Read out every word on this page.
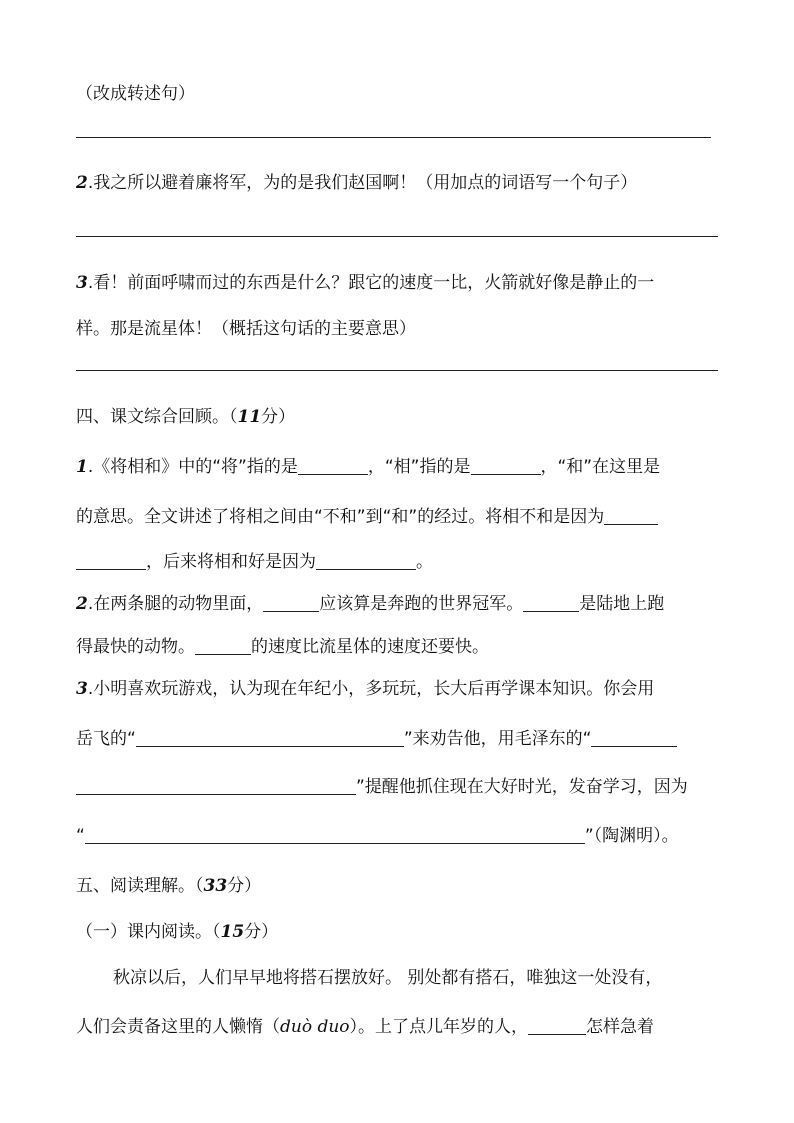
（改成转述句）
2.我之所以避着廉将军，为的是我们赵国啊！（用加点的词语写一个句子）
3.看！前面呼啸而过的东西是什么？跟它的速度一比，火箭就好像是静止的一
样。那是流星体！（概括这句话的主要意思）
四、课文综合回顾。（11分）
1.《将相和》中的“将”指的是	，“相”指的是	，“和”在这里是
的意思。全文讲述了将相之间由“不和”到“和”的经过。将相不和是因为
，后来将相和好是因为	。
2.在两条腿的动物里面，	应该算是奔跑的世界冠军。	是陆地上跑
得最快的动物。	的速度比流星体的速度还要快。
3.小明喜欢玩游戏，认为现在年纪小，多玩玩，长大后再学课本知识。你会用
岳飞的“	”来劝告他，用毛泽东的“
”提醒他抓住现在大好时光，发奋学习，因为
“	”（陶渊明）。
五、阅读理解。（33分）
（一）课内阅读。（15分）
秋凉以后，人们早早地将搭石摆放好。 别处都有搭石，唯独这一处没有，
人们会责备这里的人懒惰（duò duo）。上了点儿年岁的人，	怎样急着
